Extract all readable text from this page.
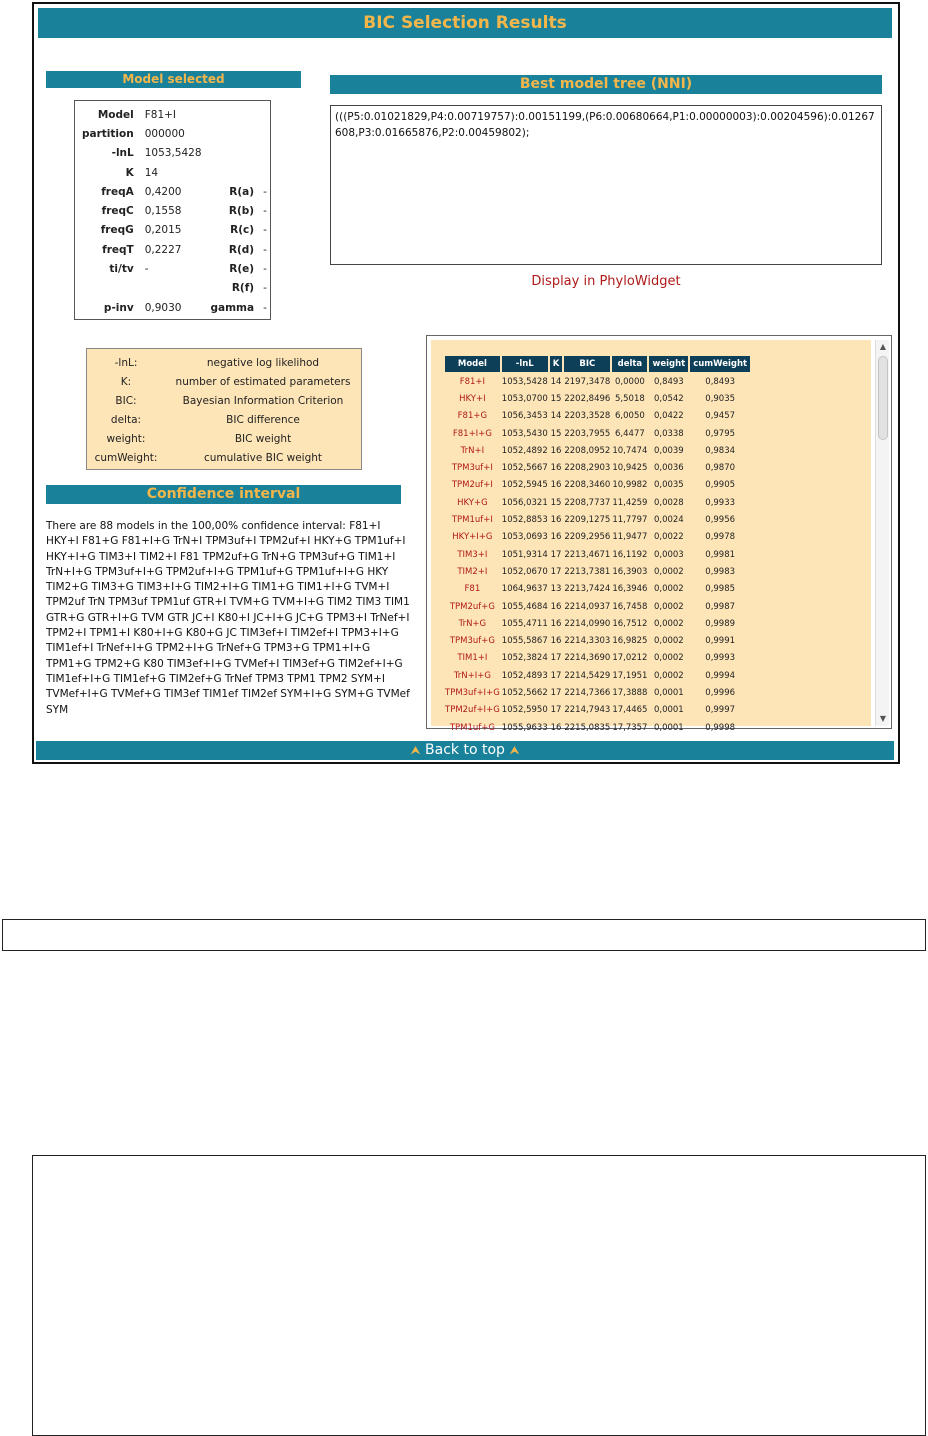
BIC Selection Results
Model selected
Model	F81+I		
partition	000000		
-lnL	1053,5428		
K	14		
freqA	0,4200	R(a)	-
freqC	0,1558	R(b)	-
freqG	0,2015	R(c)	-
freqT	0,2227	R(d)	-
ti/tv	-	R(e)	-
		R(f)	-
p-inv	0,9030	gamma	-
Best model tree (NNI)
(((P5:0.01021829,P4:0.00719757):0.00151199,(P6:0.00680664,P1:0.00000003):0.00204596):0.01267608,P3:0.01665876,P2:0.00459802);
Display in PhyloWidget
-lnL:	negative log likelihod
K:	number of estimated parameters
BIC:	Bayesian Information Criterion
delta:	BIC difference
weight:	BIC weight
cumWeight:	cumulative BIC weight
Confidence interval
There are 88 models in the 100,00% confidence interval: F81+I HKY+I F81+G F81+I+G TrN+I TPM3uf+I TPM2uf+I HKY+G TPM1uf+I HKY+I+G TIM3+I TIM2+I F81 TPM2uf+G TrN+G TPM3uf+G TIM1+I TrN+I+G TPM3uf+I+G TPM2uf+I+G TPM1uf+G TPM1uf+I+G HKY TIM2+G TIM3+G TIM3+I+G TIM2+I+G TIM1+G TIM1+I+G TVM+I TPM2uf TrN TPM3uf TPM1uf GTR+I TVM+G TVM+I+G TIM2 TIM3 TIM1 GTR+G GTR+I+G TVM GTR JC+I K80+I JC+I+G JC+G TPM3+I TrNef+I TPM2+I TPM1+I K80+I+G K80+G JC TIM3ef+I TIM2ef+I TPM3+I+G TIM1ef+I TrNef+I+G TPM2+I+G TrNef+G TPM3+G TPM1+I+G TPM1+G TPM2+G K80 TIM3ef+I+G TVMef+I TIM3ef+G TIM2ef+I+G TIM1ef+I+G TIM1ef+G TIM2ef+G TrNef TPM3 TPM1 TPM2 SYM+I TVMef+I+G TVMef+G TIM3ef TIM1ef TIM2ef SYM+I+G SYM+G TVMef SYM
Model	-lnL	K	BIC	delta	weight	cumWeight
F81+I	1053,5428	14	2197,3478	0,0000	0,8493	0,8493
HKY+I	1053,0700	15	2202,8496	5,5018	0,0542	0,9035
F81+G	1056,3453	14	2203,3528	6,0050	0,0422	0,9457
F81+I+G	1053,5430	15	2203,7955	6,4477	0,0338	0,9795
TrN+I	1052,4892	16	2208,0952	10,7474	0,0039	0,9834
TPM3uf+I	1052,5667	16	2208,2903	10,9425	0,0036	0,9870
TPM2uf+I	1052,5945	16	2208,3460	10,9982	0,0035	0,9905
HKY+G	1056,0321	15	2208,7737	11,4259	0,0028	0,9933
TPM1uf+I	1052,8853	16	2209,1275	11,7797	0,0024	0,9956
HKY+I+G	1053,0693	16	2209,2956	11,9477	0,0022	0,9978
TIM3+I	1051,9314	17	2213,4671	16,1192	0,0003	0,9981
TIM2+I	1052,0670	17	2213,7381	16,3903	0,0002	0,9983
F81	1064,9637	13	2213,7424	16,3946	0,0002	0,9985
TPM2uf+G	1055,4684	16	2214,0937	16,7458	0,0002	0,9987
TrN+G	1055,4711	16	2214,0990	16,7512	0,0002	0,9989
TPM3uf+G	1055,5867	16	2214,3303	16,9825	0,0002	0,9991
TIM1+I	1052,3824	17	2214,3690	17,0212	0,0002	0,9993
TrN+I+G	1052,4893	17	2214,5429	17,1951	0,0002	0,9994
TPM3uf+I+G	1052,5662	17	2214,7366	17,3888	0,0001	0,9996
TPM2uf+I+G	1052,5950	17	2214,7943	17,4465	0,0001	0,9997
TPM1uf+G	1055,9633	16	2215,0835	17,7357	0,0001	0,9998
▲
▼
⮝ Back to top ⮝
